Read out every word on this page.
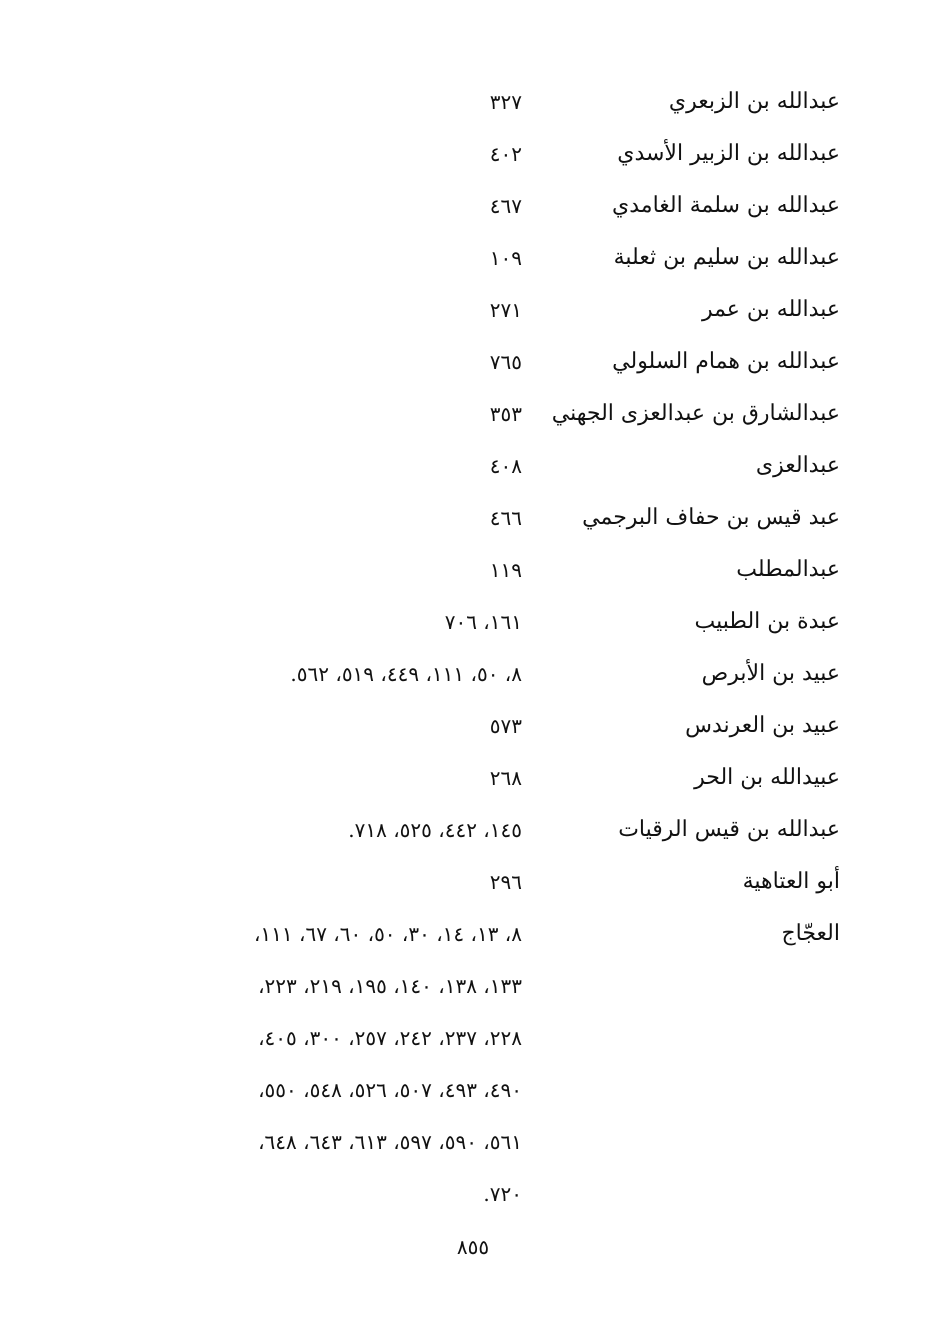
عبدالله بن الزبعري
٣٢٧
عبدالله بن الزبير الأسدي
٤٠٢
عبدالله بن سلمة الغامدي
٤٦٧
عبدالله بن سليم بن ثعلبة
١٠٩
عبدالله بن عمر
٢٧١
عبدالله بن همام السلولي
٧٦٥
عبدالشارق بن عبدالعزى الجهني
٣٥٣
عبدالعزى
٤٠٨
عبد قيس بن حفاف البرجمي
٤٦٦
عبدالمطلب
١١٩
عبدة بن الطبيب
١٦١، ٧٠٦
عبيد بن الأبرص
٨، ٥٠، ١١١، ٤٤٩، ٥١٩، ٥٦٢.
عبيد بن العرندس
٥٧٣
عبيدالله بن الحر
٢٦٨
عبدالله بن قيس الرقيات
١٤٥، ٤٤٢، ٥٢٥، ٧١٨.
أبو العتاهية
٢٩٦
العجّاج
٨، ١٣، ١٤، ٣٠، ٥٠، ٦٠، ٦٧، ١١١،
١٣٣، ١٣٨، ١٤٠، ١٩٥، ٢١٩، ٢٢٣،
٢٢٨، ٢٣٧، ٢٤٢، ٢٥٧، ٣٠٠، ٤٠٥،
٤٩٠، ٤٩٣، ٥٠٧، ٥٢٦، ٥٤٨، ٥٥٠،
٥٦١، ٥٩٠، ٥٩٧، ٦١٣، ٦٤٣، ٦٤٨،
٧٢٠.
٨٥٥
